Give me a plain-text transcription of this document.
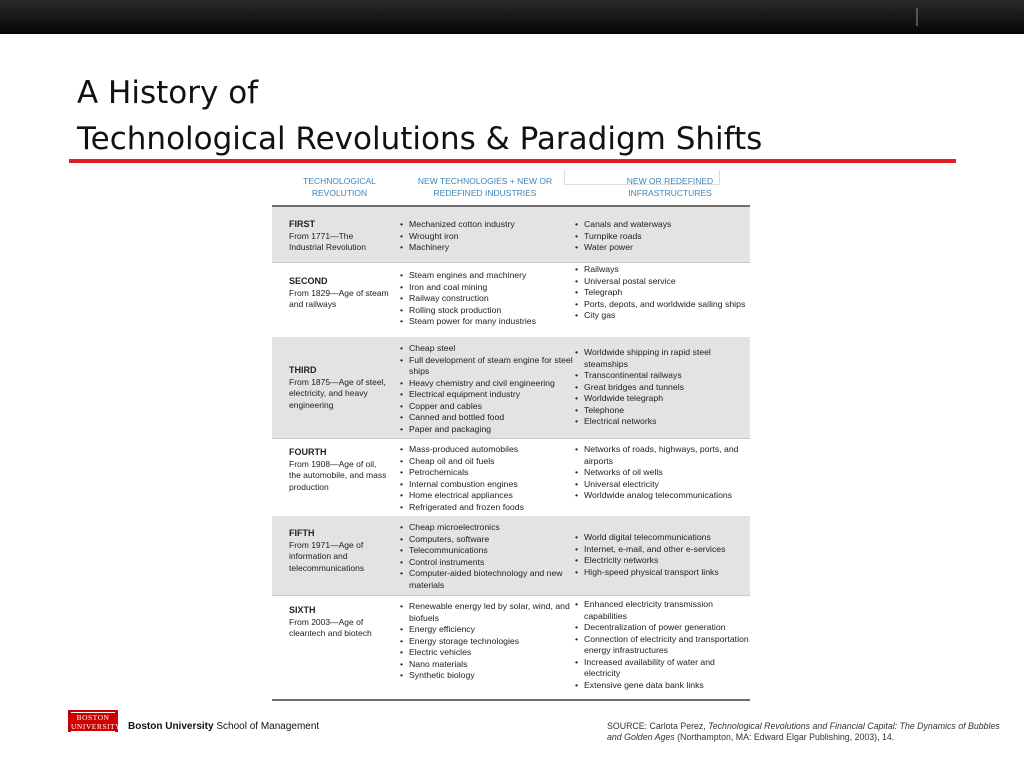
A History of
Technological Revolutions & Paradigm Shifts
TECHNOLOGICAL REVOLUTION
NEW TECHNOLOGIES + NEW OR REDEFINED INDUSTRIES
NEW OR REDEFINED INFRASTRUCTURES
FIRST
From 1771—The Industrial Revolution
• Mechanized cotton industry
• Wrought iron
• Machinery
• Canals and waterways
• Turnpike roads
• Water power
SECOND
From 1829—Age of steam and railways
• Steam engines and machinery
• Iron and coal mining
• Railway construction
• Rolling stock production
• Steam power for many industries
• Railways
• Universal postal service
• Telegraph
• Ports, depots, and worldwide sailing ships
• City gas
THIRD
From 1875—Age of steel, electricity, and heavy engineering
• Cheap steel
• Full development of steam engine for steel ships
• Heavy chemistry and civil engineering
• Electrical equipment industry
• Copper and cables
• Canned and bottled food
• Paper and packaging
• Worldwide shipping in rapid steel steamships
• Transcontinental railways
• Great bridges and tunnels
• Worldwide telegraph
• Telephone
• Electrical networks
FOURTH
From 1908—Age of oil, the automobile, and mass production
• Mass-produced automobiles
• Cheap oil and oil fuels
• Petrochemicals
• Internal combustion engines
• Home electrical appliances
• Refrigerated and frozen foods
• Networks of roads, highways, ports, and airports
• Networks of oil wells
• Universal electricity
• Worldwide analog telecommunications
FIFTH
From 1971—Age of information and telecommunications
• Cheap microelectronics
• Computers, software
• Telecommunications
• Control instruments
• Computer-aided biotechnology and new materials
• World digital telecommunications
• Internet, e-mail, and other e-services
• Electricity networks
• High-speed physical transport links
SIXTH
From 2003—Age of cleantech and biotech
• Renewable energy led by solar, wind, and biofuels
• Energy efficiency
• Energy storage technologies
• Electric vehicles
• Nano materials
• Synthetic biology
• Enhanced electricity transmission capabilities
• Decentralization of power generation
• Connection of electricity and transportation energy infrastructures
• Increased availability of water and electricity
• Extensive gene data bank links
BOSTON
UNIVERSITY Boston University School of Management	SOURCE: Carlota Perez, Technological Revolutions and Financial Capital: The Dynamics of Bubbles and Golden Ages (Northampton, MA: Edward Elgar Publishing, 2003), 14.
